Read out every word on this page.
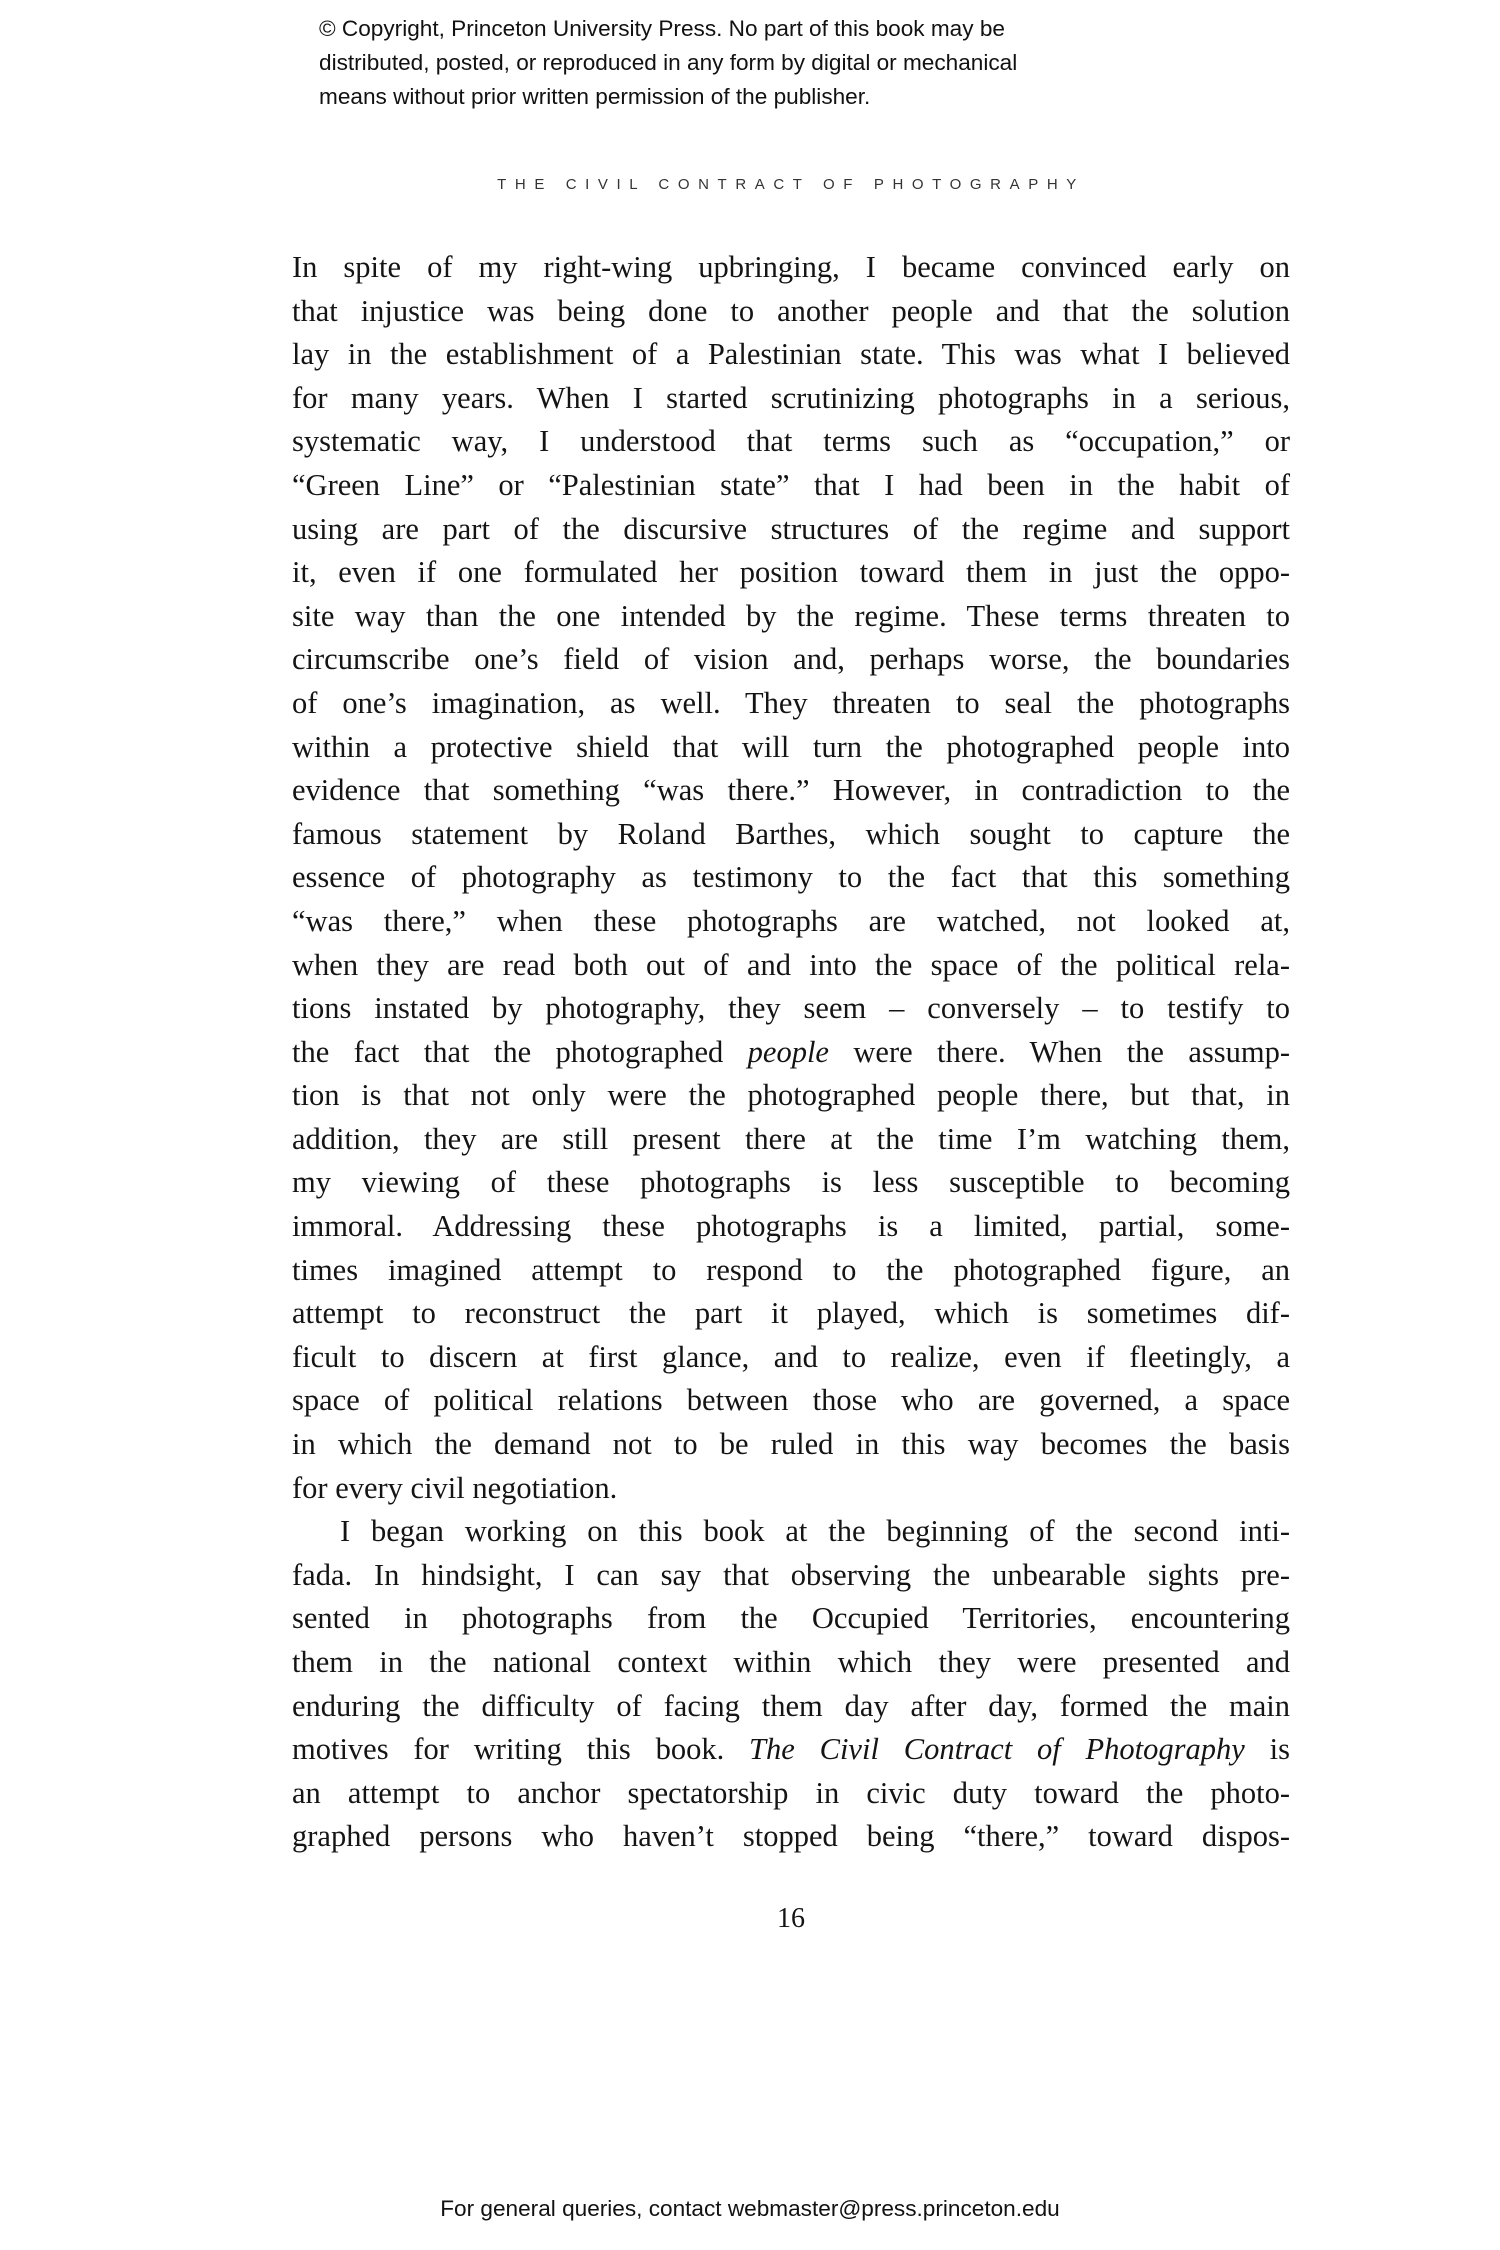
© Copyright, Princeton University Press. No part of this book may be
distributed, posted, or reproduced in any form by digital or mechanical
means without prior written permission of the publisher.
THE CIVIL CONTRACT OF PHOTOGRAPHY
In spite of my right-wing upbringing, I became convinced early on
that injustice was being done to another people and that the solution
lay in the establishment of a Palestinian state. This was what I believed
for many years. When I started scrutinizing photographs in a serious,
systematic way, I understood that terms such as “occupation,” or
“Green Line” or “Palestinian state” that I had been in the habit of
using are part of the discursive structures of the regime and support
it, even if one formulated her position toward them in just the oppo-
site way than the one intended by the regime. These terms threaten to
circumscribe one’s field of vision and, perhaps worse, the boundaries
of one’s imagination, as well. They threaten to seal the photographs
within a protective shield that will turn the photographed people into
evidence that something “was there.” However, in contradiction to the
famous statement by Roland Barthes, which sought to capture the
essence of photography as testimony to the fact that this something
“was there,” when these photographs are watched, not looked at,
when they are read both out of and into the space of the political rela-
tions instated by photography, they seem – conversely – to testify to
the fact that the photographed people were there. When the assump-
tion is that not only were the photographed people there, but that, in
addition, they are still present there at the time I’m watching them,
my viewing of these photographs is less susceptible to becoming
immoral. Addressing these photographs is a limited, partial, some-
times imagined attempt to respond to the photographed figure, an
attempt to reconstruct the part it played, which is sometimes dif-
ficult to discern at first glance, and to realize, even if fleetingly, a
space of political relations between those who are governed, a space
in which the demand not to be ruled in this way becomes the basis
for every civil negotiation.
I began working on this book at the beginning of the second inti-
fada. In hindsight, I can say that observing the unbearable sights pre-
sented in photographs from the Occupied Territories, encountering
them in the national context within which they were presented and
enduring the difficulty of facing them day after day, formed the main
motives for writing this book. The Civil Contract of Photography is
an attempt to anchor spectatorship in civic duty toward the photo-
graphed persons who haven’t stopped being “there,” toward dispos-
16
For general queries, contact webmaster@press.princeton.edu
